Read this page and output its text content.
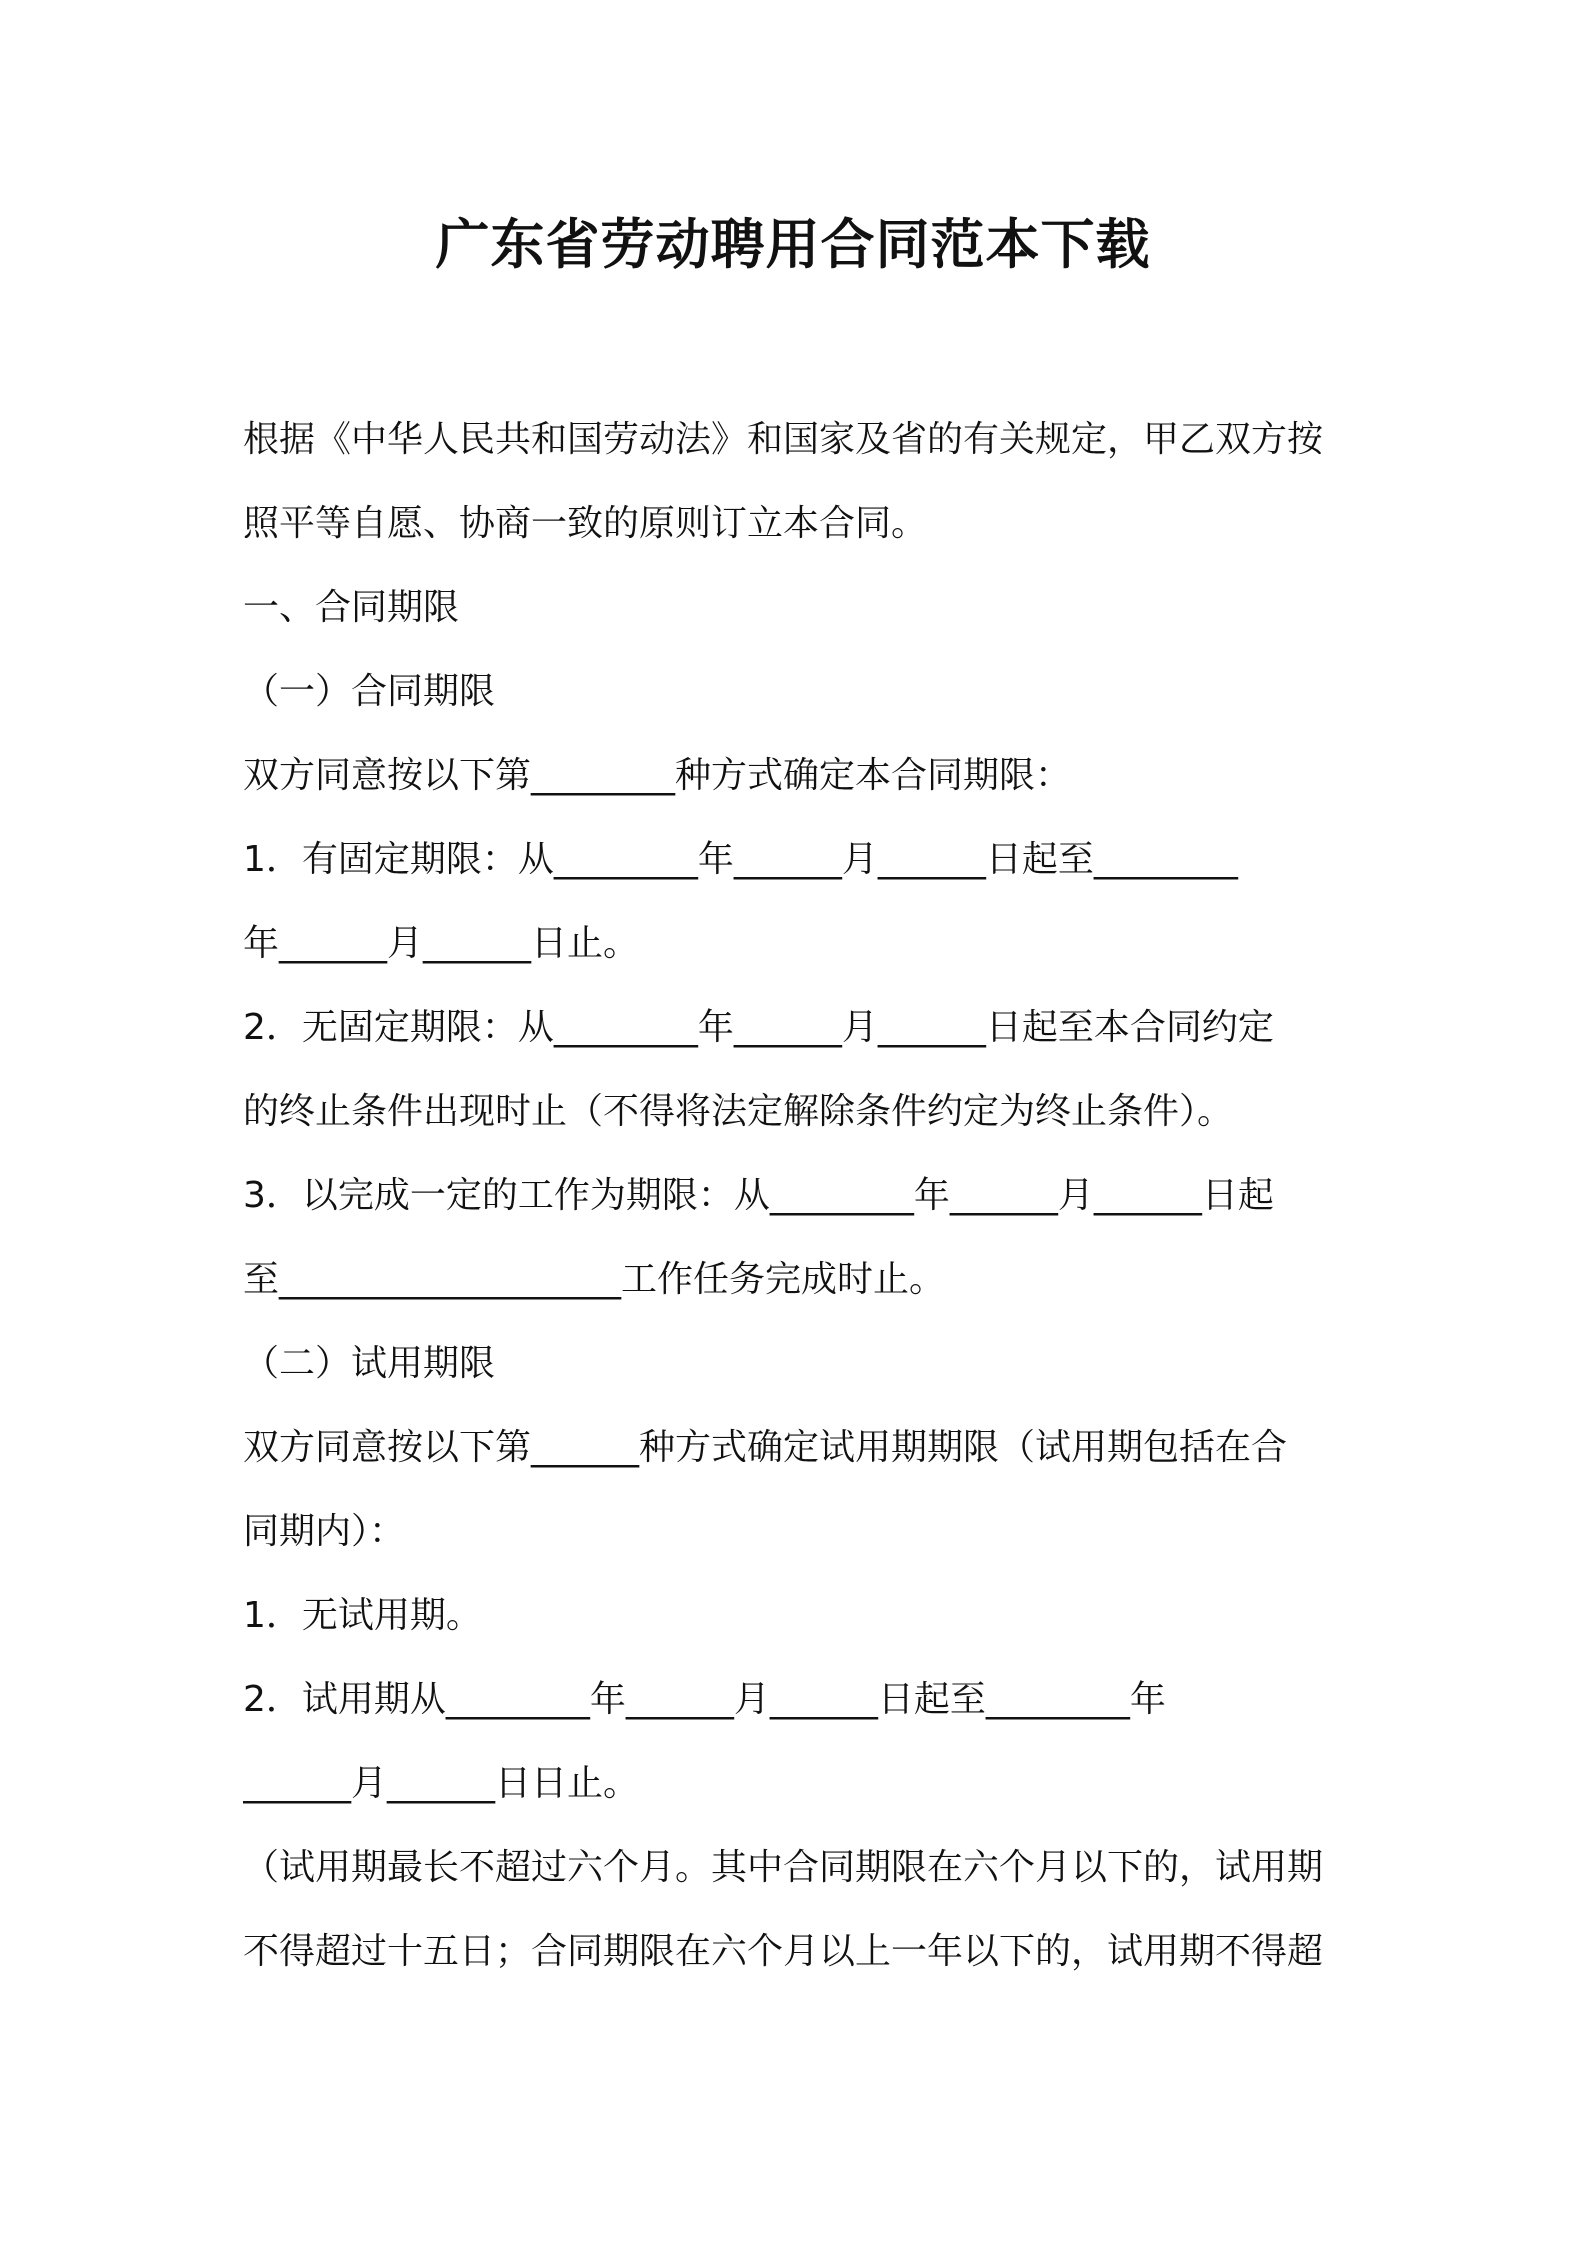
广东省劳动聘用合同范本下载
根据《中华人民共和国劳动法》和国家及省的有关规定，甲乙双方按
照平等自愿、协商一致的原则订立本合同。
一、合同期限
（一）合同期限
双方同意按以下第________种方式确定本合同期限：
1．有固定期限：从________年______月______日起至________
年______月______日止。
2．无固定期限：从________年______月______日起至本合同约定
的终止条件出现时止（不得将法定解除条件约定为终止条件）。
3．以完成一定的工作为期限：从________年______月______日起
至___________________工作任务完成时止。
（二）试用期限
双方同意按以下第______种方式确定试用期期限（试用期包括在合
同期内）：
1．无试用期。
2．试用期从________年______月______日起至________年
______月______日日止。
（试用期最长不超过六个月。其中合同期限在六个月以下的，试用期
不得超过十五日；合同期限在六个月以上一年以下的，试用期不得超
